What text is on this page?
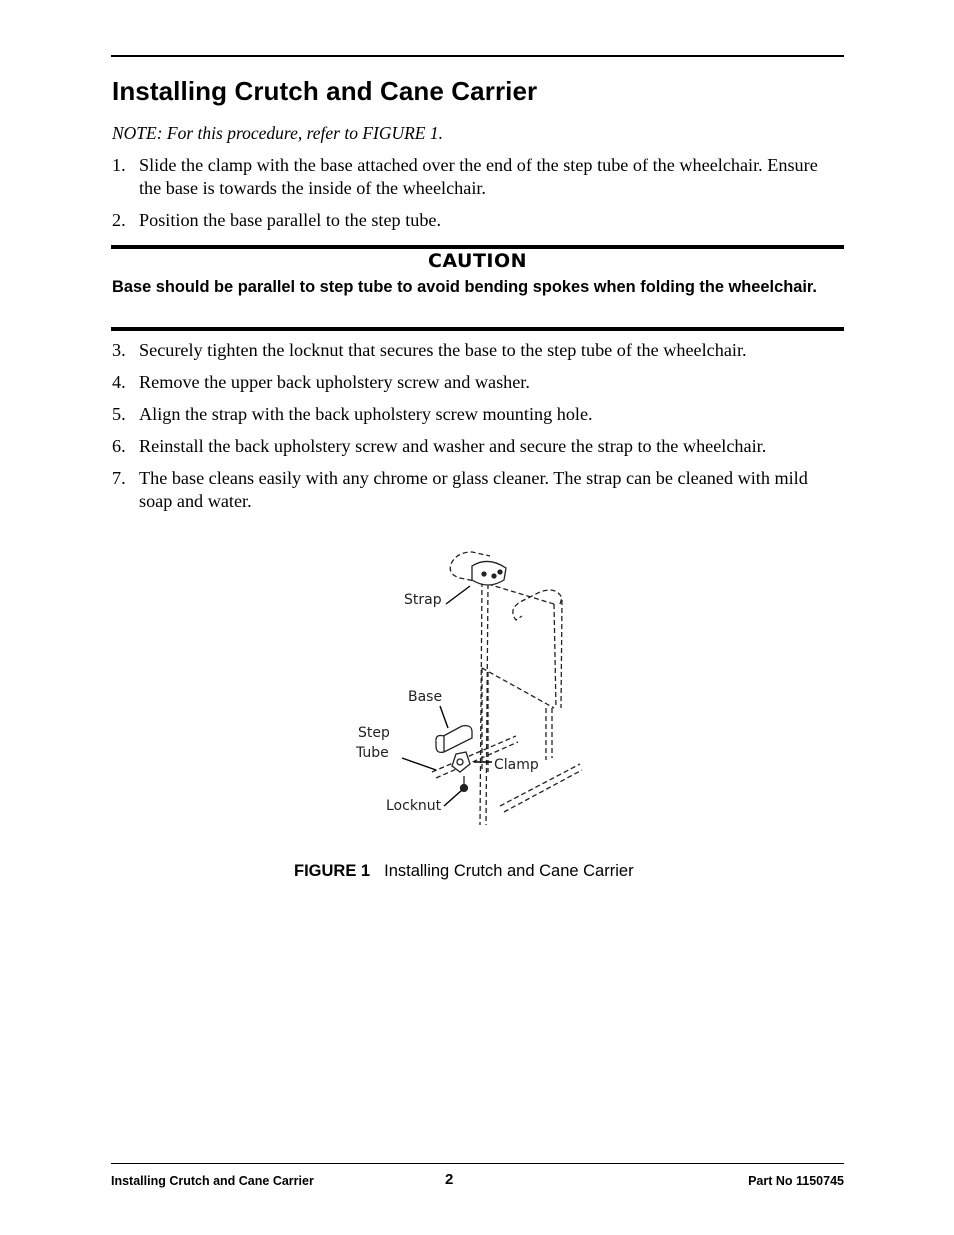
Installing Crutch and Cane Carrier
NOTE: For this procedure, refer to FIGURE 1.
1. Slide the clamp with the base attached over the end of the step tube of the wheelchair. Ensure the base is towards the inside of the wheelchair.
2. Position the base parallel to the step tube.
CAUTION
Base should be parallel to step tube to avoid bending spokes when folding the wheelchair.
3. Securely tighten the locknut that secures the base to the step tube of the wheelchair.
4. Remove the upper back upholstery screw and washer.
5. Align the strap with the back upholstery screw mounting hole.
6. Reinstall the back upholstery screw and washer and secure the strap to the wheelchair.
7. The base cleans easily with any chrome or glass cleaner. The strap can be cleaned with mild soap and water.
Strap
Base
Step
Tube
Clamp
Locknut
FIGURE 1 Installing Crutch and Cane Carrier
Installing Crutch and Cane Carrier	2	Part No 1150745
